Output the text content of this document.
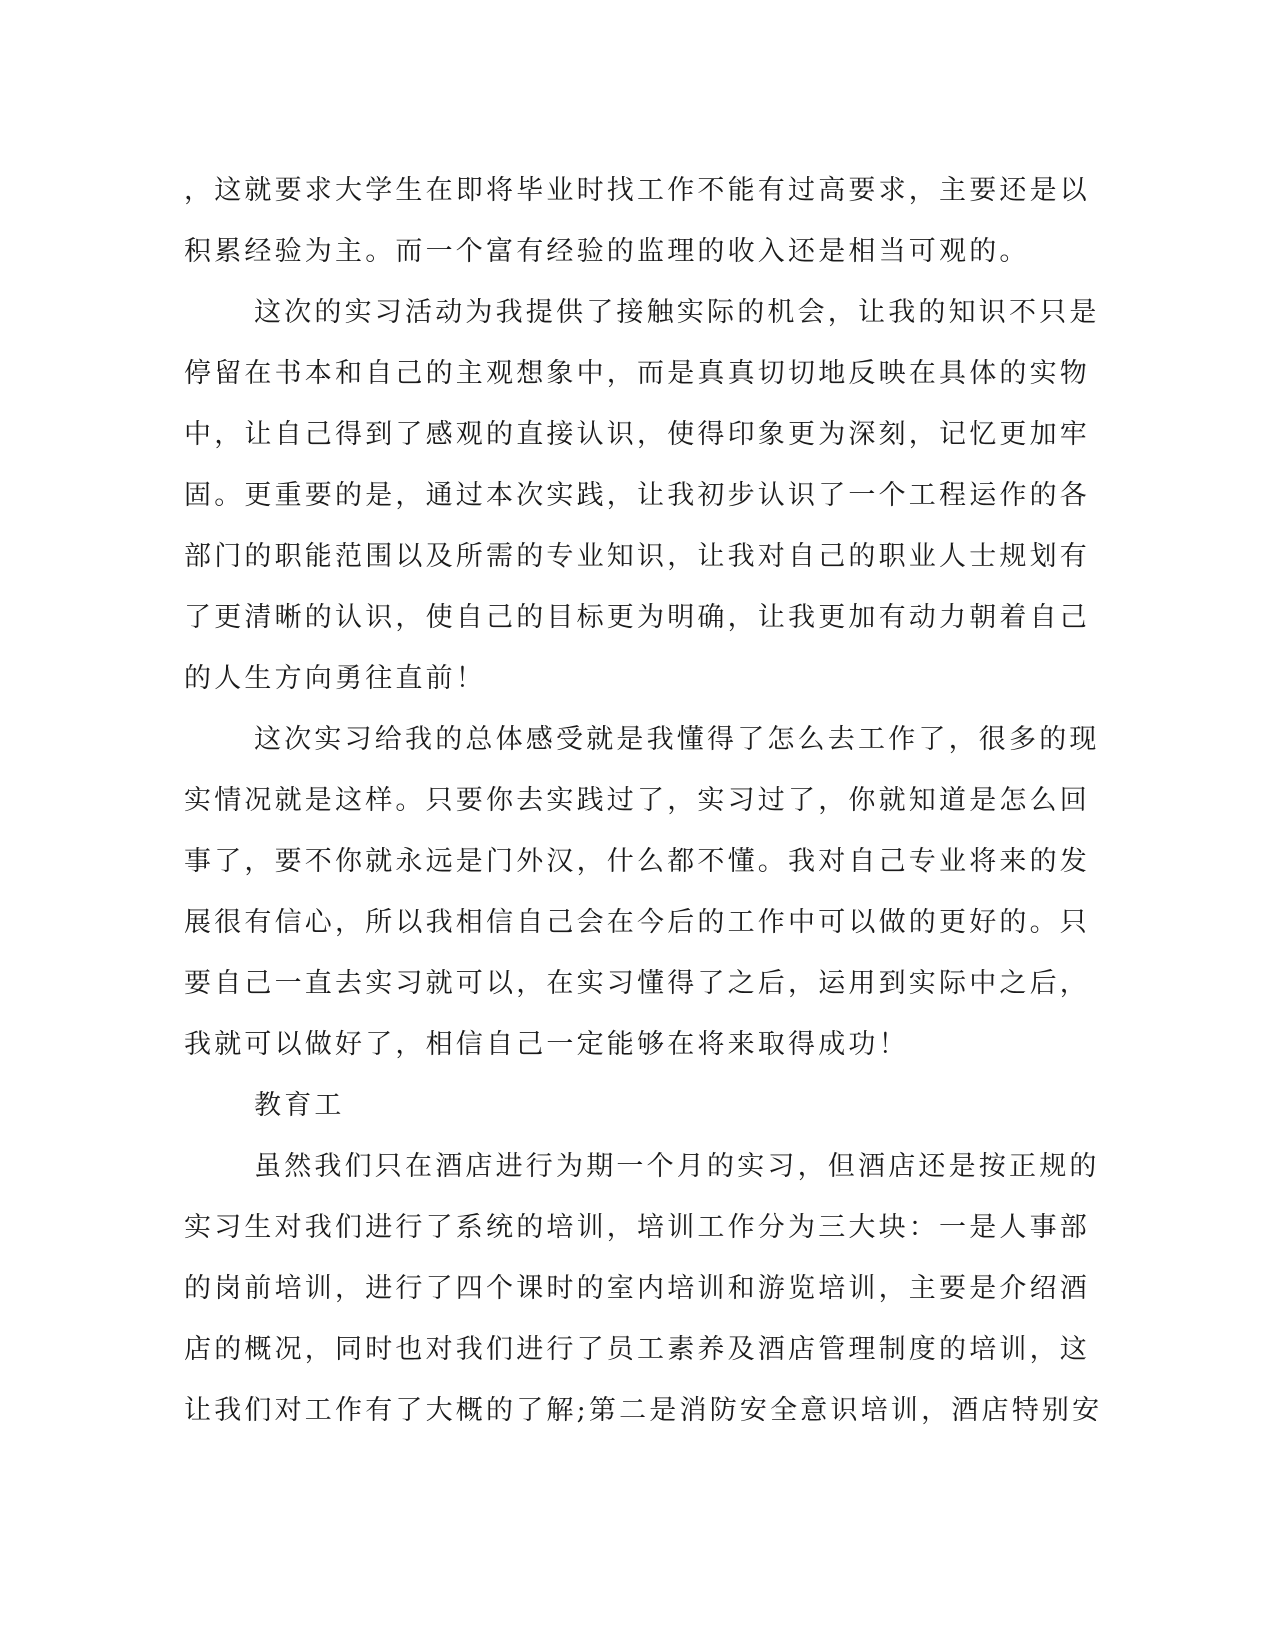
，这就要求大学生在即将毕业时找工作不能有过高要求，主要还是以
积累经验为主。而一个富有经验的监理的收入还是相当可观的。
这次的实习活动为我提供了接触实际的机会，让我的知识不只是
停留在书本和自己的主观想象中，而是真真切切地反映在具体的实物
中，让自己得到了感观的直接认识，使得印象更为深刻，记忆更加牢
固。更重要的是，通过本次实践，让我初步认识了一个工程运作的各
部门的职能范围以及所需的专业知识，让我对自己的职业人士规划有
了更清晰的认识，使自己的目标更为明确，让我更加有动力朝着自己
的人生方向勇往直前！
这次实习给我的总体感受就是我懂得了怎么去工作了，很多的现
实情况就是这样。只要你去实践过了，实习过了，你就知道是怎么回
事了，要不你就永远是门外汉，什么都不懂。我对自己专业将来的发
展很有信心，所以我相信自己会在今后的工作中可以做的更好的。只
要自己一直去实习就可以，在实习懂得了之后，运用到实际中之后，
我就可以做好了，相信自己一定能够在将来取得成功！
教育工
虽然我们只在酒店进行为期一个月的实习，但酒店还是按正规的
实习生对我们进行了系统的培训，培训工作分为三大块：一是人事部
的岗前培训，进行了四个课时的室内培训和游览培训，主要是介绍酒
店的概况，同时也对我们进行了员工素养及酒店管理制度的培训，这
让我们对工作有了大概的了解;第二是消防安全意识培训，酒店特别安
